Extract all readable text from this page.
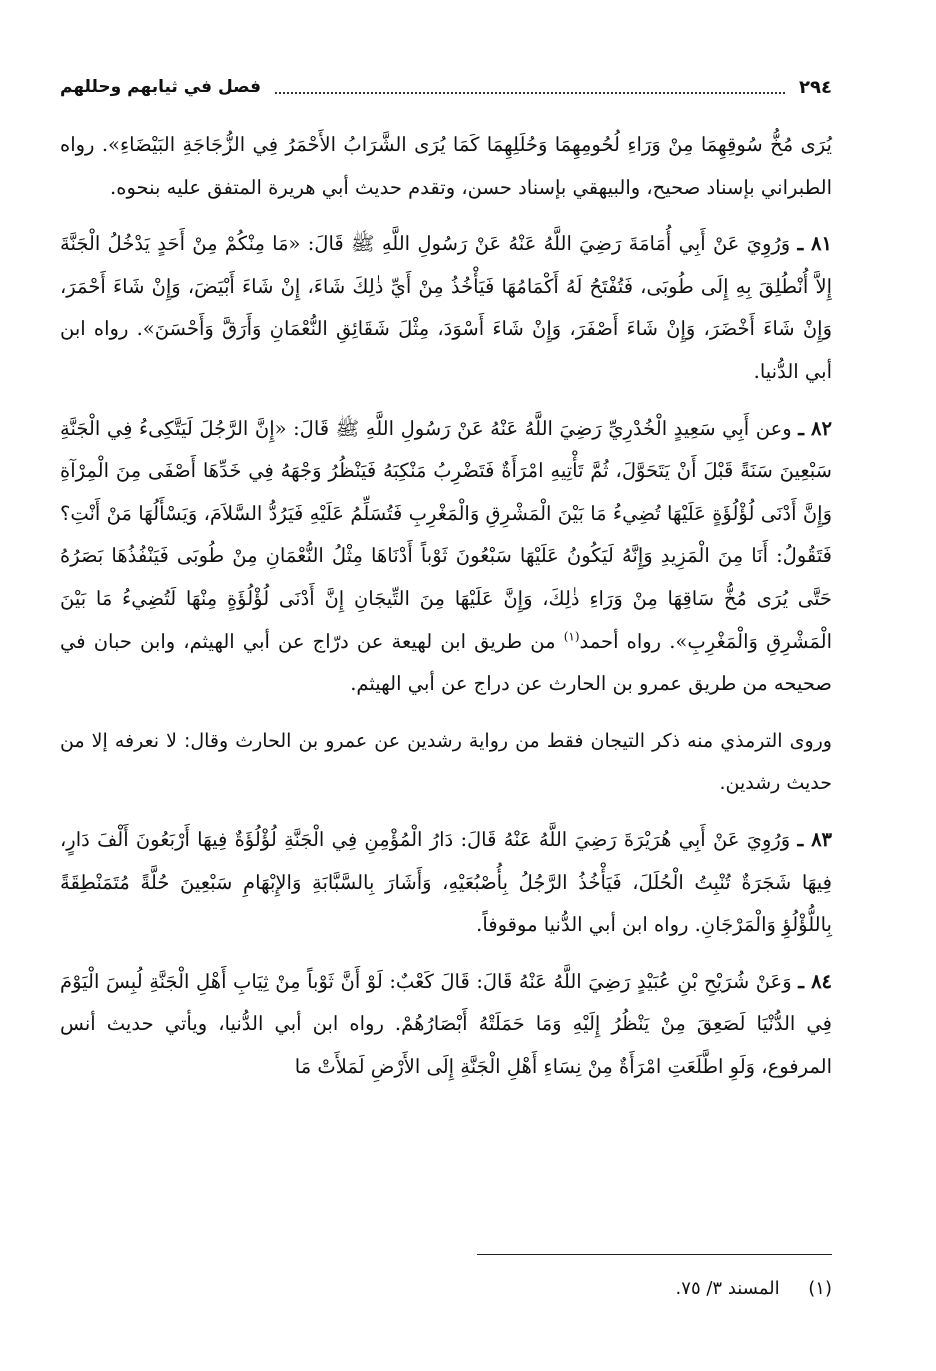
٢٩٤
فصل في ثيابهم وحللهم

يُرَى مُخُّ سُوقِهِمَا مِنْ وَرَاءِ لُحُومِهِمَا وَحُلَلِهِمَا كَمَا يُرَى الشَّرَابُ الأَحْمَرُ فِي الزُّجَاجَةِ البَيْضَاءِ». رواه الطبراني بإسناد صحيح، والبيهقي بإسناد حسن، وتقدم حديث أبي هريرة المتفق عليه بنحوه.

٨١ ـ وَرُوِيَ عَنْ أَبِي أُمَامَةَ رَضِيَ اللَّهُ عَنْهُ عَنْ رَسُولِ اللَّهِ ﷺ قَالَ: «مَا مِنْكُمْ مِنْ أَحَدٍ يَدْخُلُ الْجَنَّةَ إِلاَّ أُنْطُلِقَ بِهِ إِلَى طُوبَى، فَتُفْتَحُ لَهُ أَكْمَامُهَا فَيَأْخُذُ مِنْ أَيِّ ذٰلِكَ شَاءَ، إِنْ شَاءَ أَبْيَضَ، وَإِنْ شَاءَ أَحْمَرَ، وَإِنْ شَاءَ أَخْضَرَ، وَإِنْ شَاءَ أَصْفَرَ، وَإِنْ شَاءَ أَسْوَدَ، مِثْلَ شَقَائِقِ النُّعْمَانِ وَأَرَقَّ وَأَحْسَنَ». رواه ابن أبي الدُّنيا.

٨٢ ـ وعن أَبِي سَعِيدٍ الْخُدْرِيِّ رَضِيَ اللَّهُ عَنْهُ عَنْ رَسُولِ اللَّهِ ﷺ قَالَ: «إِنَّ الرَّجُلَ لَيَتَّكِىءُ فِي الْجَنَّةِ سَبْعِينَ سَنَةً قَبْلَ أَنْ يَتَحَوَّلَ، ثُمَّ تَأْتِيهِ امْرَأَةٌ فَتَضْرِبُ مَنْكِبَهُ فَيَنْظُرُ وَجْهَهُ فِي خَدِّهَا أَصْفَى مِنَ الْمِرْآةِ وَإِنَّ أَدْنَى لُؤْلُؤَةٍ عَلَيْهَا تُضِيءُ مَا بَيْنَ الْمَشْرِقِ وَالْمَغْرِبِ فَتُسَلِّمُ عَلَيْهِ فَيَرُدُّ السَّلاَمَ، وَيَسْأَلُهَا مَنْ أَنْتِ؟ فَتَقُولُ: أَنَا مِنَ الْمَزِيدِ وَإِنَّهُ لَيَكُونُ عَلَيْهَا سَبْعُونَ ثَوْباً أَدْنَاهَا مِثْلُ النُّعْمَانِ مِنْ طُوبَى فَيَنْفُذُهَا بَصَرُهُ حَتَّى يُرَى مُخُّ سَاقِهَا مِنْ وَرَاءِ ذٰلِكَ، وَإِنَّ عَلَيْهَا مِنَ التِّيجَانِ إِنَّ أَدْنَى لُؤْلُؤَةٍ مِنْهَا لَتُضِيءُ مَا بَيْنَ الْمَشْرِقِ وَالْمَغْرِبِ». رواه أحمد$^{(١)}$ من طريق ابن لهيعة عن درّاج عن أبي الهيثم، وابن حبان في صحيحه من طريق عمرو بن الحارث عن دراج عن أبي الهيثم.

وروى الترمذي منه ذكر التيجان فقط من رواية رشدين عن عمرو بن الحارث وقال: لا نعرفه إلا من حديث رشدين.

٨٣ ـ وَرُوِيَ عَنْ أَبِي هُرَيْرَةَ رَضِيَ اللَّهُ عَنْهُ قَالَ: دَارُ الْمُؤْمِنِ فِي الْجَنَّةِ لُؤْلُؤَةٌ فِيهَا أَرْبَعُونَ أَلْفَ دَارٍ، فِيهَا شَجَرَةٌ تُنْبِتُ الْحُلَلَ، فَيَأْخُذُ الرَّجُلُ بِأُصْبُعَيْهِ، وَأَشَارَ بِالسَّبَّابَةِ وَالإِبْهَامِ سَبْعِينَ حُلَّةً مُتَمَنْطِقَةً بِاللُّؤْلُؤِ وَالْمَرْجَانِ. رواه ابن أبي الدُّنيا موقوفاً.

٨٤ ـ وَعَنْ شُرَيْحِ بْنِ عُبَيْدٍ رَضِيَ اللَّهُ عَنْهُ قَالَ: قَالَ كَعْبٌ: لَوْ أَنَّ ثَوْباً مِنْ ثِيَابِ أَهْلِ الْجَنَّةِ لُبِسَ الْيَوْمَ فِي الدُّنْيَا لَصَعِقَ مِنْ يَنْظُرُ إِلَيْهِ وَمَا حَمَلَتْهُ أَبْصَارُهُمْ. رواه ابن أبي الدُّنيا، ويأتي حديث أنس المرفوع، وَلَوِ اطَّلَعَتِ امْرَأَةٌ مِنْ نِسَاءِ أَهْلِ الْجَنَّةِ إِلَى الأَرْضِ لَمَلأَتْ مَا

(١)     المسند ٣/ ٧٥.
